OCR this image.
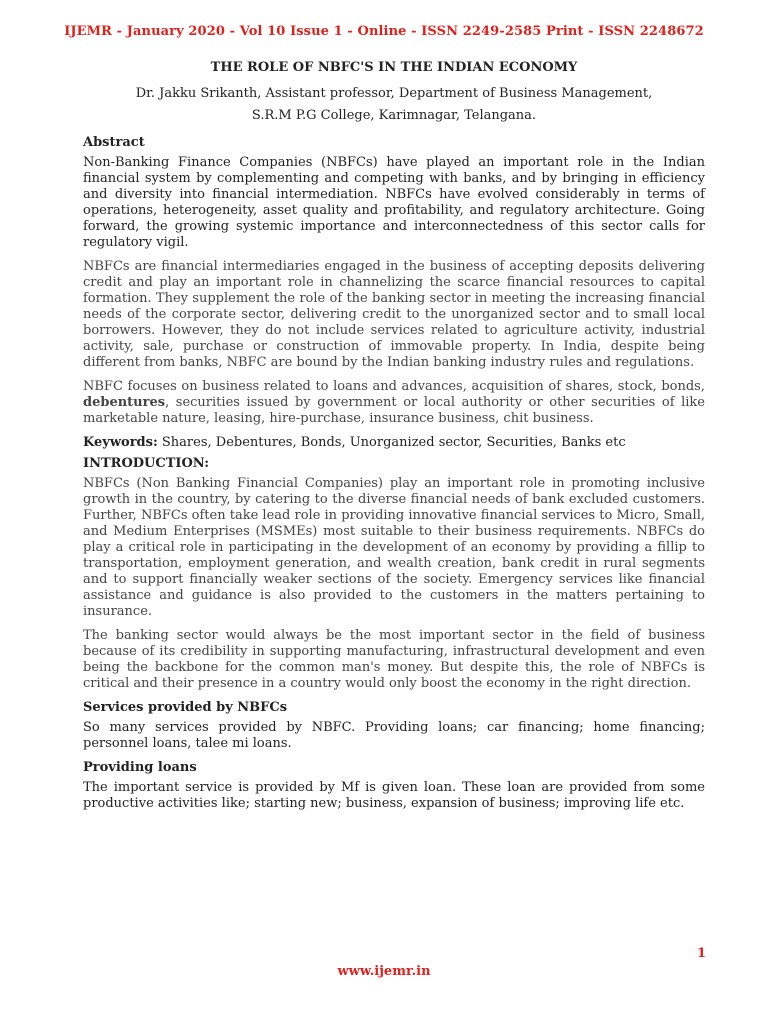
IJEMR - January 2020 - Vol 10 Issue 1 - Online - ISSN 2249-2585 Print - ISSN 2248672
THE ROLE OF NBFC'S IN THE INDIAN ECONOMY
Dr. Jakku Srikanth, Assistant professor, Department of Business Management,
S.R.M P.G College, Karimnagar, Telangana.
Abstract

Non-Banking Finance Companies (NBFCs) have played an important role in the Indian financial system by complementing and competing with banks, and by bringing in efficiency and diversity into financial intermediation. NBFCs have evolved considerably in terms of operations, heterogeneity, asset quality and profitability, and regulatory architecture. Going forward, the growing systemic importance and interconnectedness of this sector calls for regulatory vigil.

NBFCs are financial intermediaries engaged in the business of accepting deposits delivering credit and play an important role in channelizing the scarce financial resources to capital formation. They supplement the role of the banking sector in meeting the increasing financial needs of the corporate sector, delivering credit to the unorganized sector and to small local borrowers. However, they do not include services related to agriculture activity, industrial activity, sale, purchase or construction of immovable property. In India, despite being different from banks, NBFC are bound by the Indian banking industry rules and regulations.

NBFC focuses on business related to loans and advances, acquisition of shares, stock, bonds, debentures, securities issued by government or local authority or other securities of like marketable nature, leasing, hire-purchase, insurance business, chit business.

Keywords: Shares, Debentures, Bonds, Unorganized sector, Securities, Banks etc
INTRODUCTION:

NBFCs (Non Banking Financial Companies) play an important role in promoting inclusive growth in the country, by catering to the diverse financial needs of bank excluded customers. Further, NBFCs often take lead role in providing innovative financial services to Micro, Small, and Medium Enterprises (MSMEs) most suitable to their business requirements. NBFCs do play a critical role in participating in the development of an economy by providing a fillip to transportation, employment generation, and wealth creation, bank credit in rural segments and to support financially weaker sections of the society. Emergency services like financial assistance and guidance is also provided to the customers in the matters pertaining to insurance.

The banking sector would always be the most important sector in the field of business because of its credibility in supporting manufacturing, infrastructural development and even being the backbone for the common man's money. But despite this, the role of NBFCs is critical and their presence in a country would only boost the economy in the right direction.

Services provided by NBFCs

So many services provided by NBFC. Providing loans; car financing; home financing; personnel loans, talee mi loans.

Providing loans

The important service is provided by Mf is given loan. These loan are provided from some productive activities like; starting new; business, expansion of business; improving life etc.

1
www.ijemr.in
